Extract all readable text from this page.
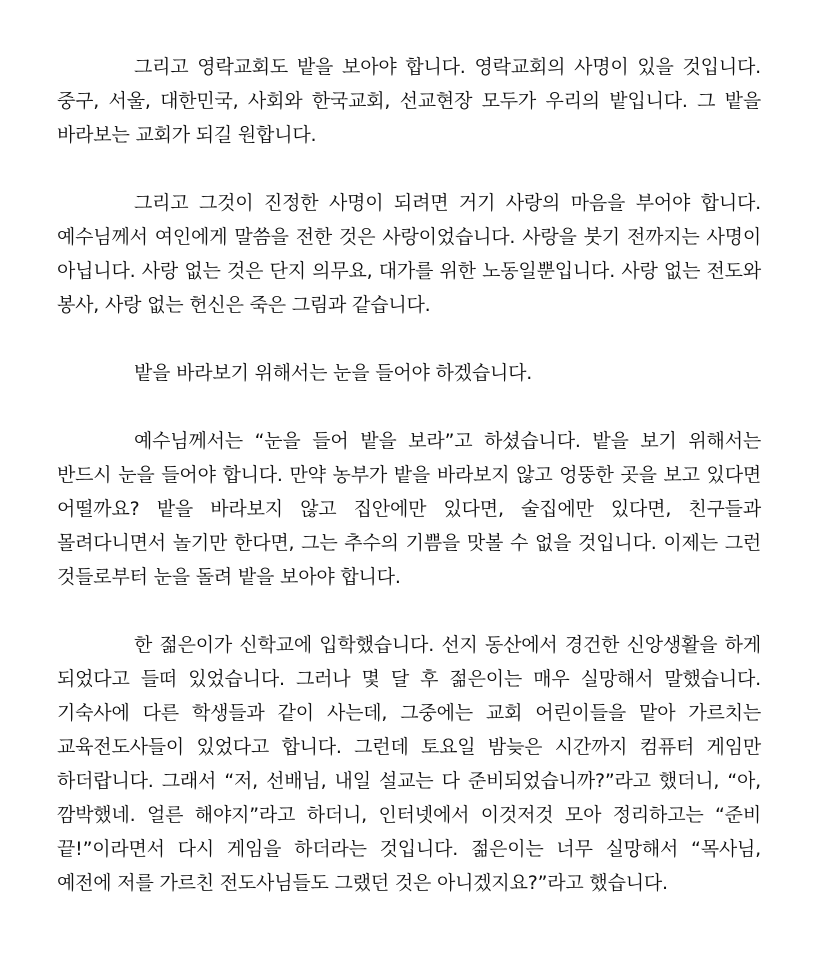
그리고 영락교회도 밭을 보아야 합니다. 영락교회의 사명이 있을 것입니다. 중구, 서울, 대한민국, 사회와 한국교회, 선교현장 모두가 우리의 밭입니다. 그 밭을 바라보는 교회가 되길 원합니다.

그리고 그것이 진정한 사명이 되려면 거기 사랑의 마음을 부어야 합니다. 예수님께서 여인에게 말씀을 전한 것은 사랑이었습니다. 사랑을 붓기 전까지는 사명이 아닙니다. 사랑 없는 것은 단지 의무요, 대가를 위한 노동일뿐입니다. 사랑 없는 전도와 봉사, 사랑 없는 헌신은 죽은 그림과 같습니다.

밭을 바라보기 위해서는 눈을 들어야 하겠습니다.

예수님께서는 “눈을 들어 밭을 보라”고 하셨습니다. 밭을 보기 위해서는 반드시 눈을 들어야 합니다. 만약 농부가 밭을 바라보지 않고 엉뚱한 곳을 보고 있다면 어떨까요? 밭을 바라보지 않고 집안에만 있다면, 술집에만 있다면, 친구들과 몰려다니면서 놀기만 한다면, 그는 추수의 기쁨을 맛볼 수 없을 것입니다. 이제는 그런 것들로부터 눈을 돌려 밭을 보아야 합니다.

한 젊은이가 신학교에 입학했습니다. 선지 동산에서 경건한 신앙생활을 하게 되었다고 들떠 있었습니다. 그러나 몇 달 후 젊은이는 매우 실망해서 말했습니다. 기숙사에 다른 학생들과 같이 사는데, 그중에는 교회 어린이들을 맡아 가르치는 교육전도사들이 있었다고 합니다. 그런데 토요일 밤늦은 시간까지 컴퓨터 게임만 하더랍니다. 그래서 “저, 선배님, 내일 설교는 다 준비되었습니까?”라고 했더니, “아, 깜박했네. 얼른 해야지”라고 하더니, 인터넷에서 이것저것 모아 정리하고는 “준비 끝!”이라면서 다시 게임을 하더라는 것입니다. 젊은이는 너무 실망해서 “목사님, 예전에 저를 가르친 전도사님들도 그랬던 것은 아니겠지요?”라고 했습니다.
